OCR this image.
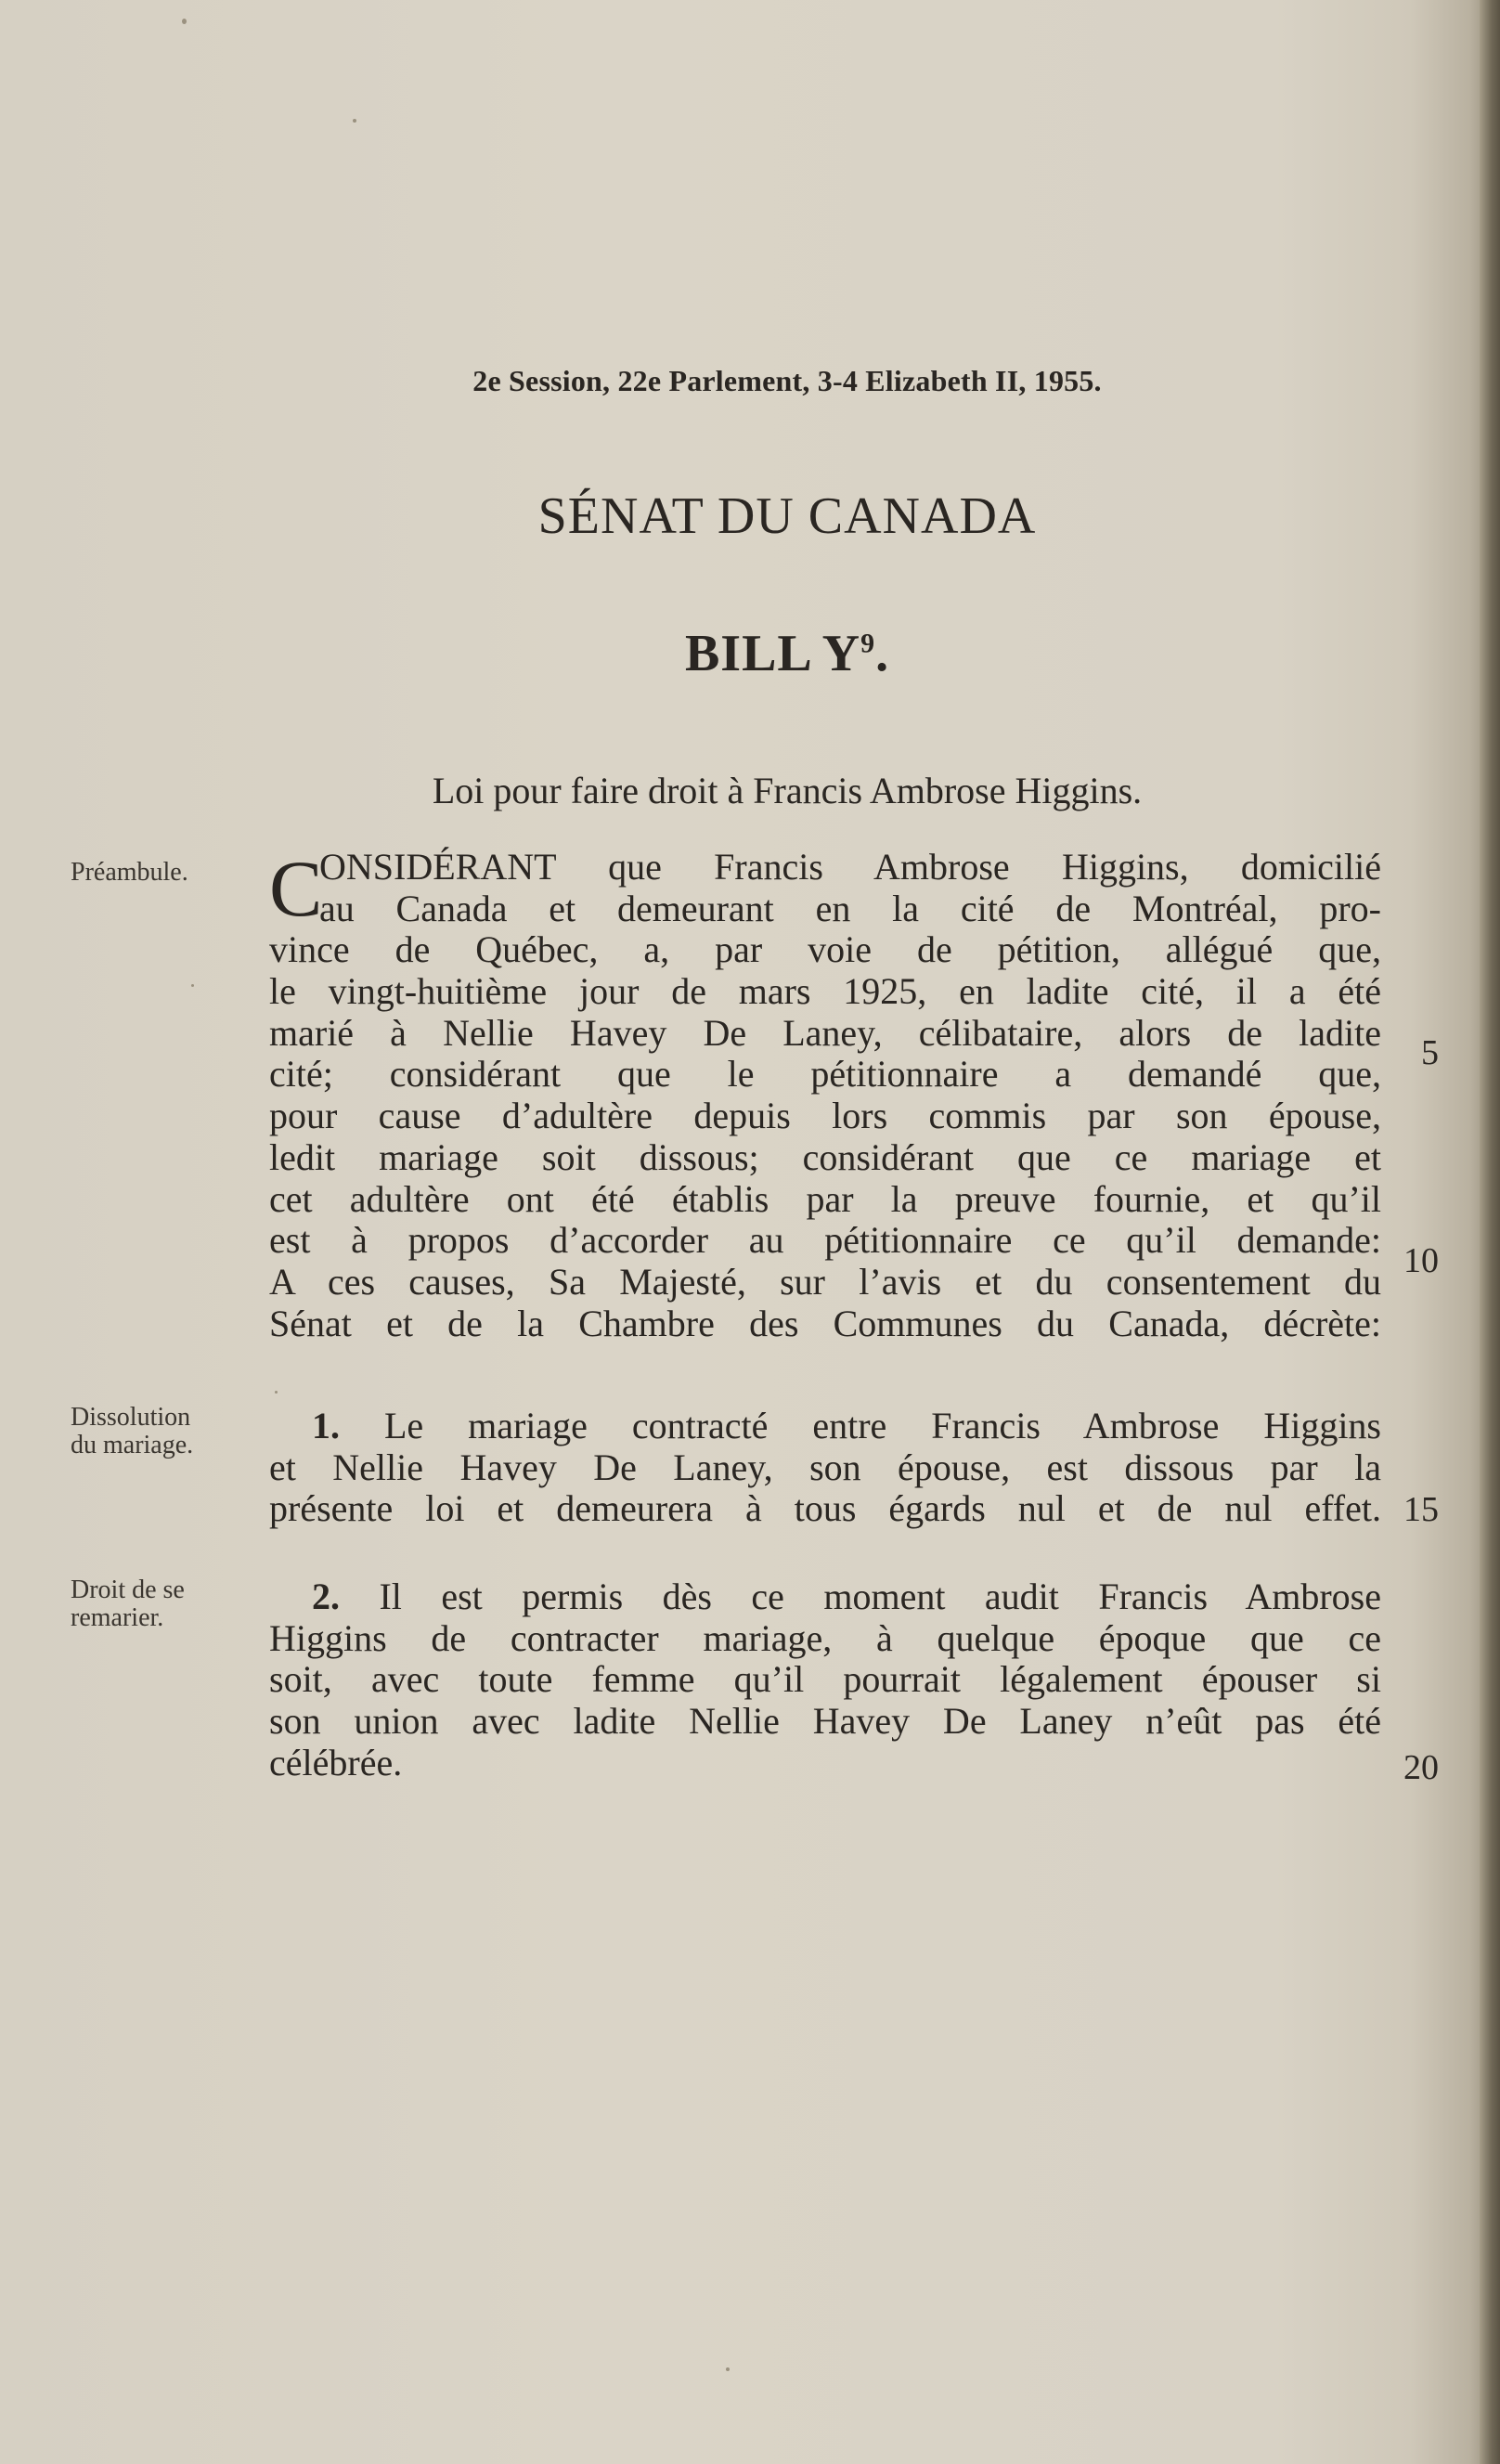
2e Session, 22e Parlement, 3-4 Elizabeth II, 1955.
SÉNAT DU CANADA
BILL $Y^9$.
Loi pour faire droit à Francis Ambrose Higgins.
Préambule.
Dissolution
du mariage.
Droit de se
remarier.
C
ONSIDÉRANT que Francis Ambrose Higgins, domicilié
au Canada et demeurant en la cité de Montréal, pro-
vince de Québec, a, par voie de pétition, allégué que,
le vingt-huitième jour de mars 1925, en ladite cité, il a été
marié à Nellie Havey De Laney, célibataire, alors de ladite
cité; considérant que le pétitionnaire a demandé que,
pour cause d’adultère depuis lors commis par son épouse,
ledit mariage soit dissous; considérant que ce mariage et
cet adultère ont été établis par la preuve fournie, et qu’il
est à propos d’accorder au pétitionnaire ce qu’il demande:
A ces causes, Sa Majesté, sur l’avis et du consentement du
Sénat et de la Chambre des Communes du Canada, décrète:
1. Le mariage contracté entre Francis Ambrose Higgins
et Nellie Havey De Laney, son épouse, est dissous par la
présente loi et demeurera à tous égards nul et de nul effet.
2. Il est permis dès ce moment audit Francis Ambrose
Higgins de contracter mariage, à quelque époque que ce
soit, avec toute femme qu’il pourrait légalement épouser si
son union avec ladite Nellie Havey De Laney n’eût pas été
célébrée.
5
10
15
20
